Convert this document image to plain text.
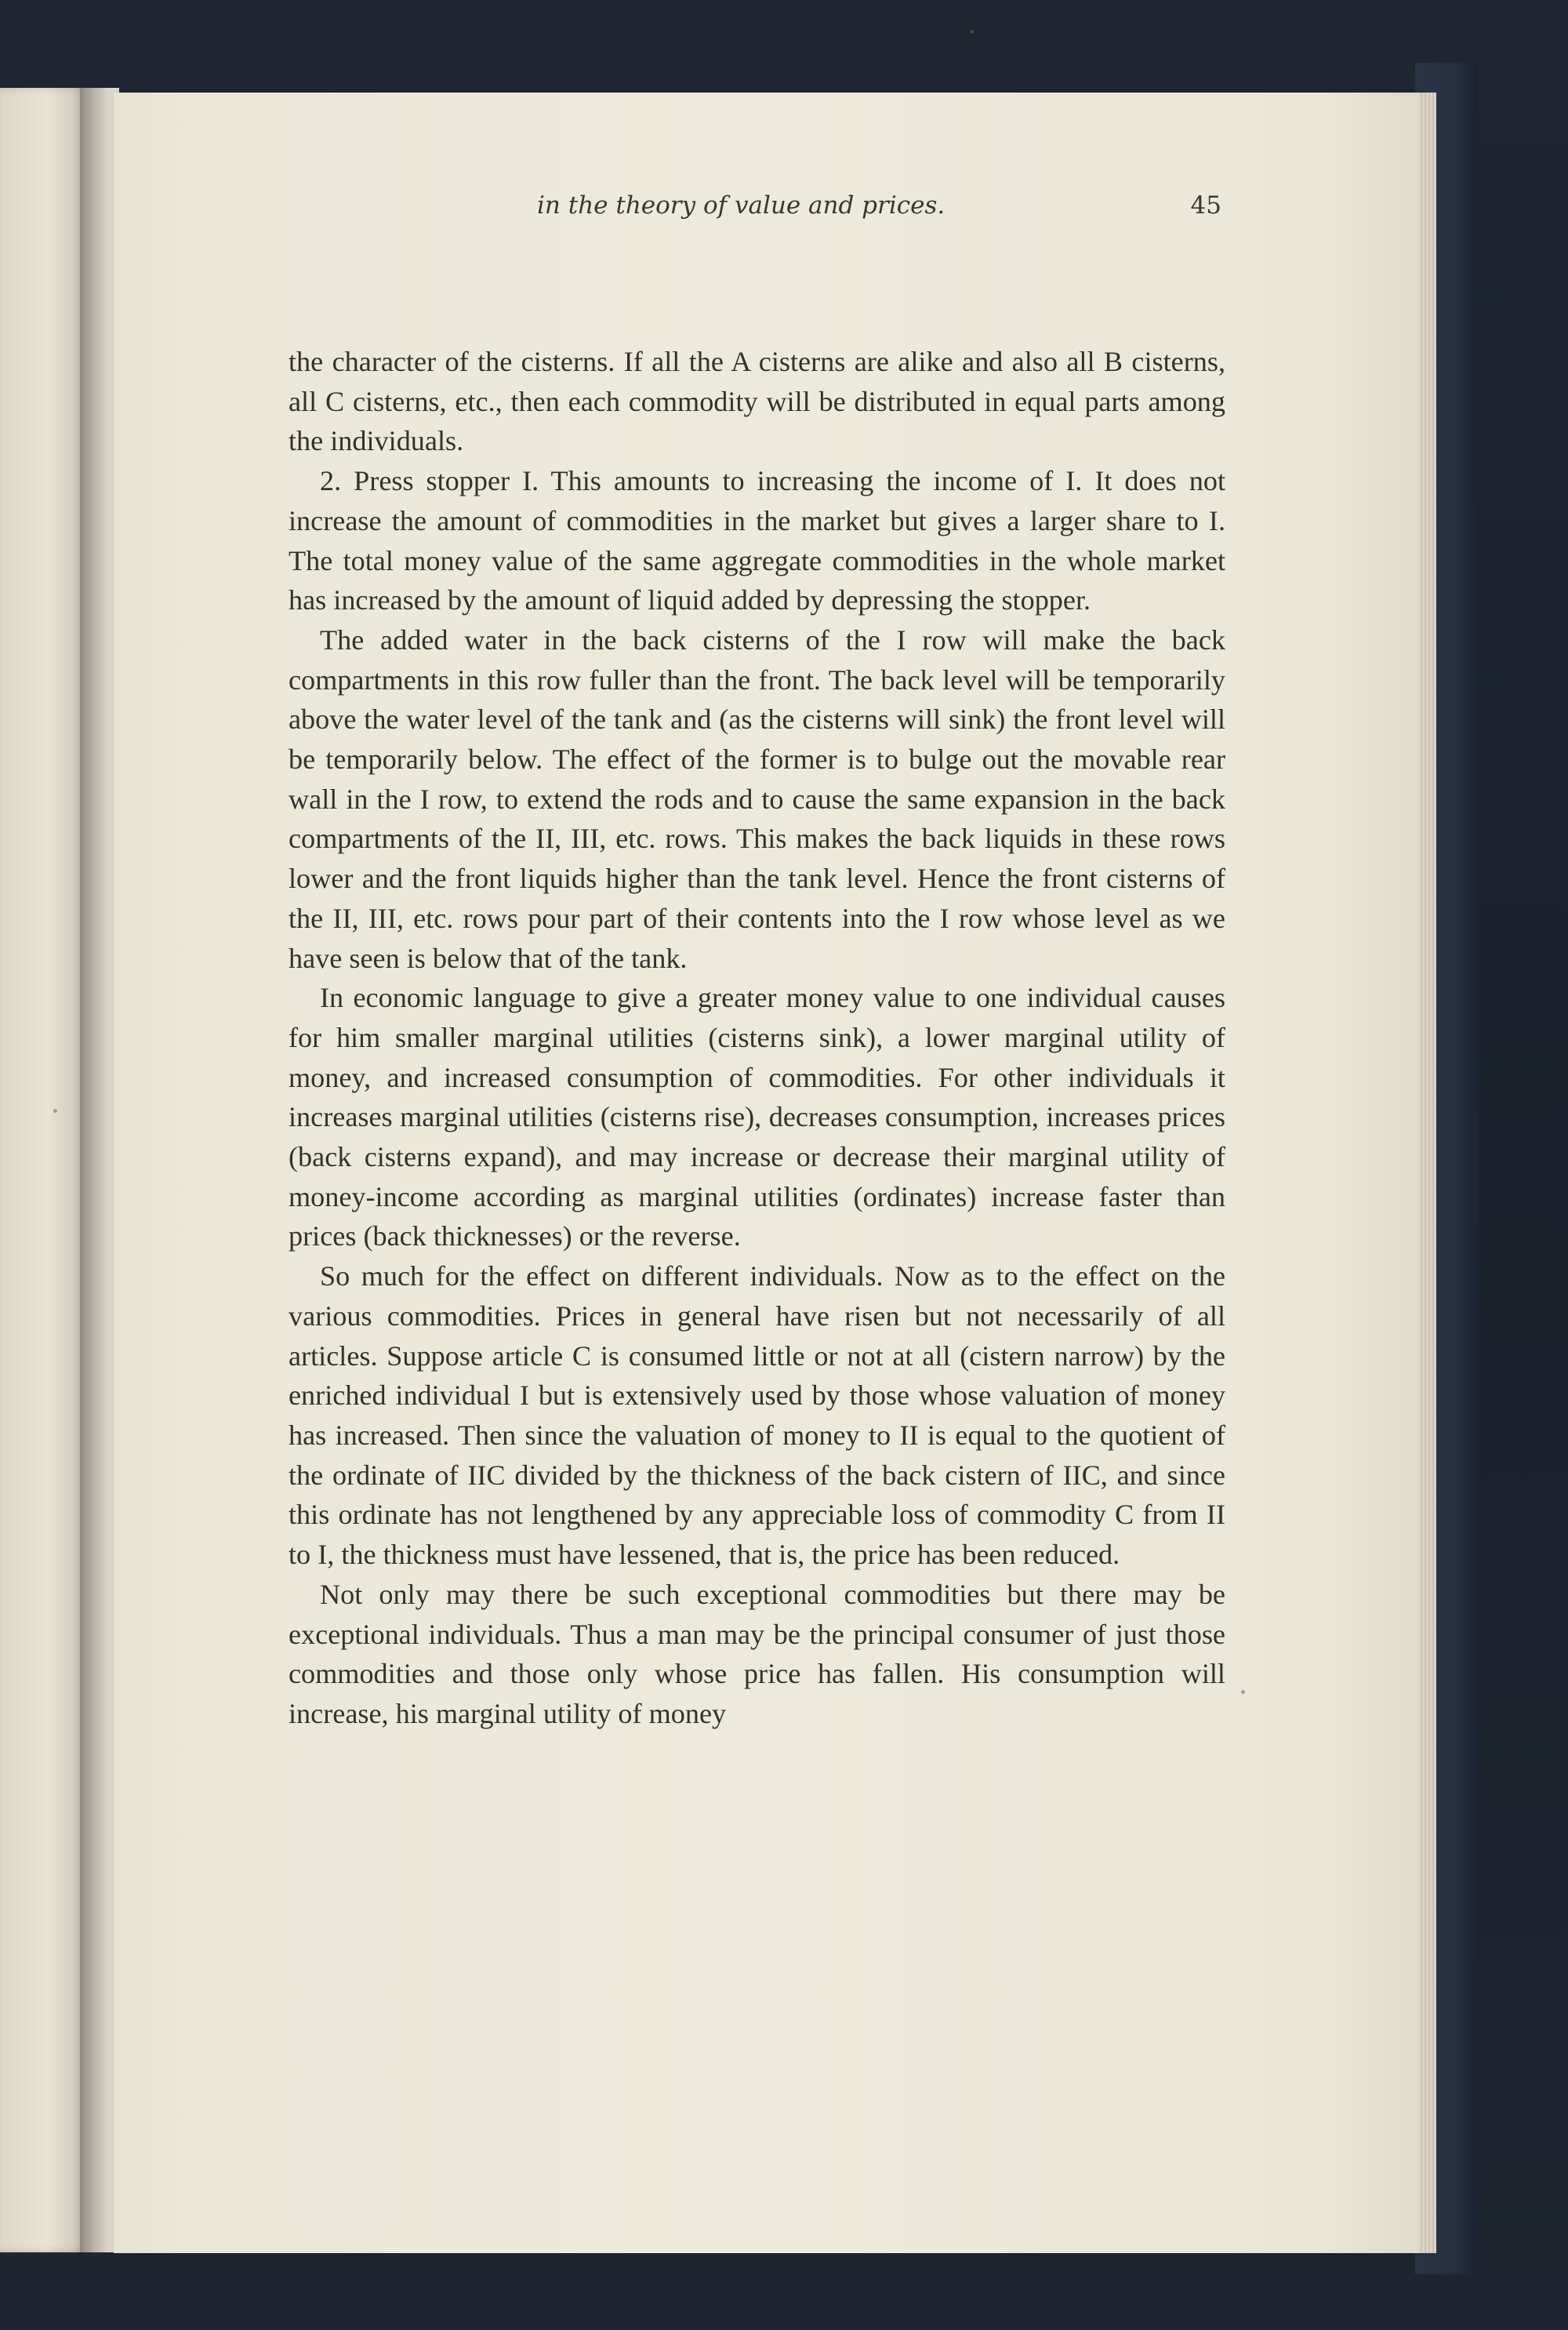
in the theory of value and prices.	45

the character of the cisterns. If all the A cisterns are alike and also all B cisterns, all C cisterns, etc., then each commodity will be distributed in equal parts among the individuals.

2. Press stopper I. This amounts to increasing the income of I. It does not increase the amount of commodities in the market but gives a larger share to I. The total money value of the same aggregate commodities in the whole market has increased by the amount of liquid added by depressing the stopper.

The added water in the back cisterns of the I row will make the back compartments in this row fuller than the front. The back level will be temporarily above the water level of the tank and (as the cisterns will sink) the front level will be temporarily below. The effect of the former is to bulge out the movable rear wall in the I row, to extend the rods and to cause the same expansion in the back compartments of the II, III, etc. rows. This makes the back liquids in these rows lower and the front liquids higher than the tank level. Hence the front cisterns of the II, III, etc. rows pour part of their contents into the I row whose level as we have seen is below that of the tank.

In economic language to give a greater money value to one individual causes for him smaller marginal utilities (cisterns sink), a lower marginal utility of money, and increased consumption of commodities. For other individuals it increases marginal utilities (cisterns rise), decreases consumption, increases prices (back cisterns expand), and may increase or decrease their marginal utility of money-income according as marginal utilities (ordinates) increase faster than prices (back thicknesses) or the reverse.

So much for the effect on different individuals. Now as to the effect on the various commodities. Prices in general have risen but not necessarily of all articles. Suppose article C is consumed little or not at all (cistern narrow) by the enriched individual I but is extensively used by those whose valuation of money has increased. Then since the valuation of money to II is equal to the quotient of the ordinate of IIC divided by the thickness of the back cistern of IIC, and since this ordinate has not lengthened by any appreciable loss of commodity C from II to I, the thickness must have lessened, that is, the price has been reduced.

Not only may there be such exceptional commodities but there may be exceptional individuals. Thus a man may be the principal consumer of just those commodities and those only whose price has fallen. His consumption will increase, his marginal utility of money
